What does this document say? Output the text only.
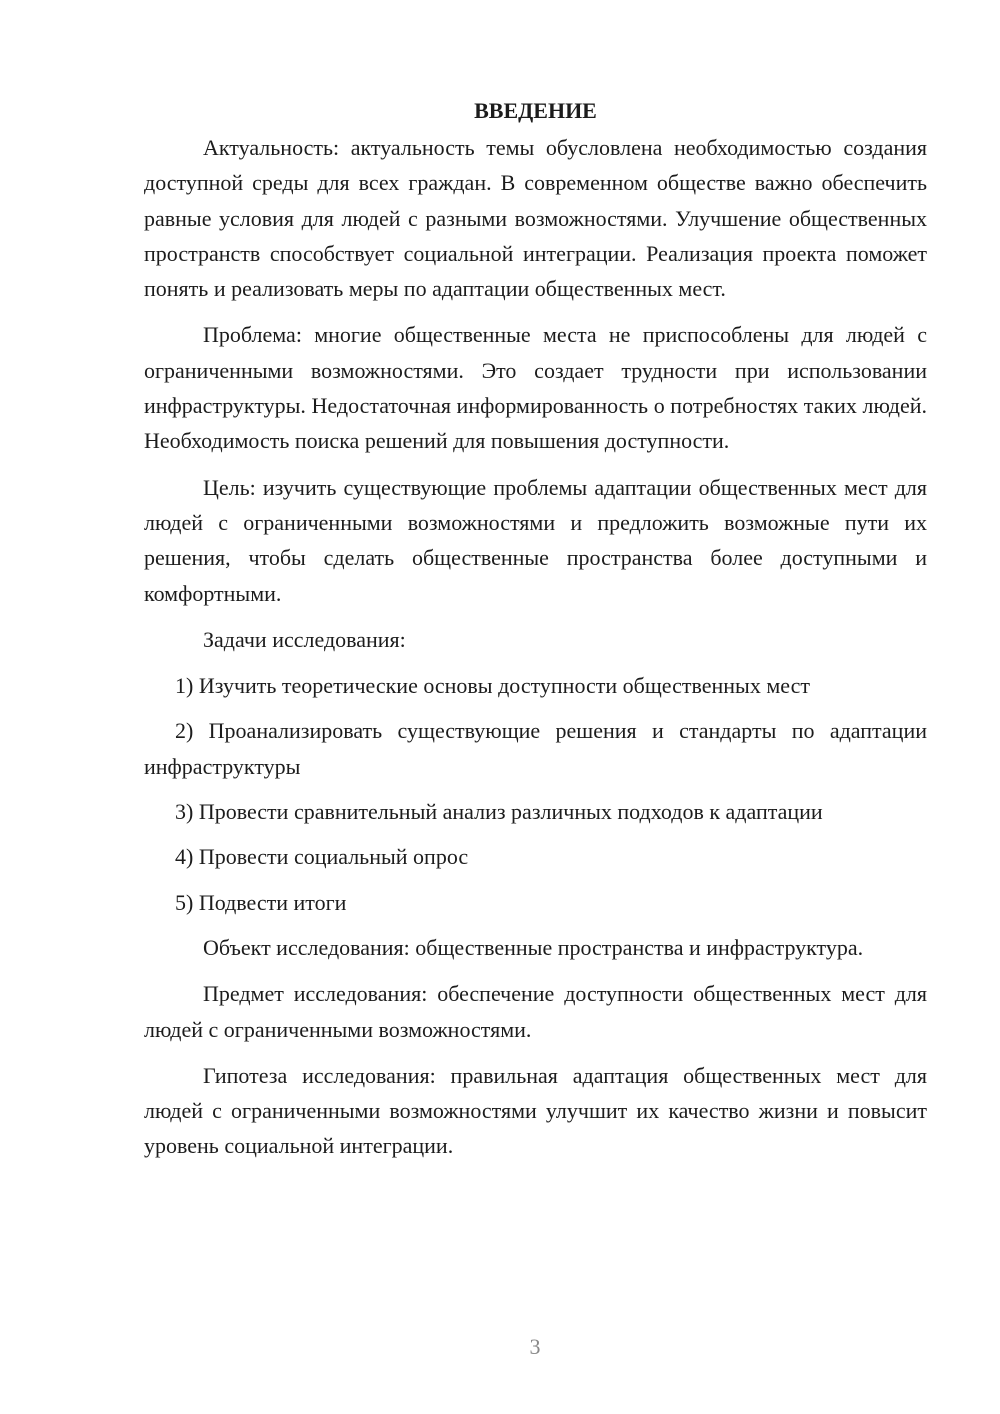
ВВЕДЕНИЕ

Актуальность: актуальность темы обусловлена необходимостью создания доступной среды для всех граждан. В современном обществе важно обеспечить равные условия для людей с разными возможностями. Улучшение общественных пространств способствует социальной интеграции. Реализация проекта поможет понять и реализовать меры по адаптации общественных мест.

Проблема: многие общественные места не приспособлены для людей с ограниченными возможностями. Это создает трудности при использовании инфраструктуры. Недостаточная информированность о потребностях таких людей. Необходимость поиска решений для повышения доступности.

Цель: изучить существующие проблемы адаптации общественных мест для людей с ограниченными возможностями и предложить возможные пути их решения, чтобы сделать общественные пространства более доступными и комфортными.

Задачи исследования:

1) Изучить теоретические основы доступности общественных мест

2) Проанализировать существующие решения и стандарты по адаптации инфраструктуры

3) Провести сравнительный анализ различных подходов к адаптации

4) Провести социальный опрос

5) Подвести итоги

Объект исследования: общественные пространства и инфраструктура.

Предмет исследования: обеспечение доступности общественных мест для людей с ограниченными возможностями.

Гипотеза исследования: правильная адаптация общественных мест для людей с ограниченными возможностями улучшит их качество жизни и повысит уровень социальной интеграции.

3
